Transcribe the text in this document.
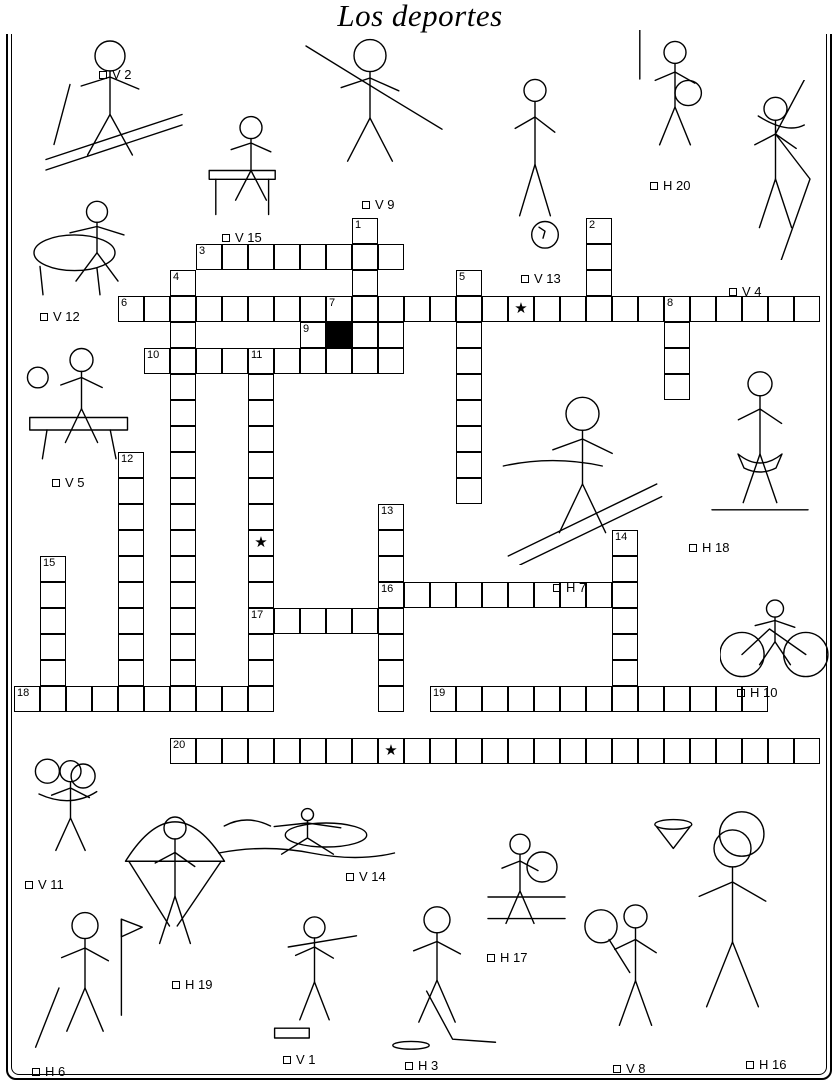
Los deportes
3
6	7	★	8
9
10	11
16
17
18	19
20	★
1	2
4	5
★
12
13
14
15
V 2
V 9
V 15
H 20
V 13
V 4
V 12
V 5
H 7
H 18
H 10
V 11
V 14
H 19
H 17
V 1	H 3	V 8	H 16
H 6
